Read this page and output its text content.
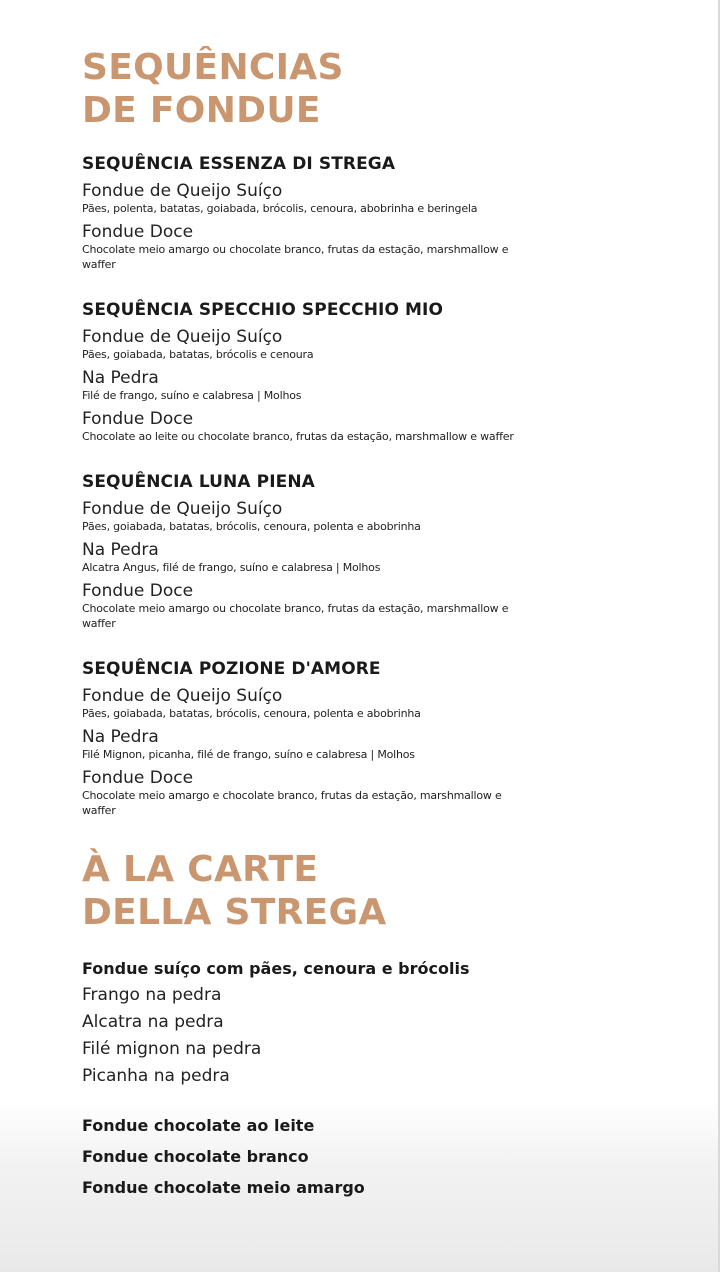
SEQUÊNCIAS
DE FONDUE
SEQUÊNCIA ESSENZA DI STREGA
Fondue de Queijo Suíço
Pães, polenta, batatas, goiabada, brócolis, cenoura, abobrinha e beringela
Fondue Doce
Chocolate meio amargo ou chocolate branco, frutas da estação, marshmallow e waffer
SEQUÊNCIA SPECCHIO SPECCHIO MIO
Fondue de Queijo Suíço
Pães, goiabada, batatas, brócolis e cenoura
Na Pedra
Filé de frango, suíno e calabresa | Molhos
Fondue Doce
Chocolate ao leite ou chocolate branco, frutas da estação, marshmallow e waffer
SEQUÊNCIA LUNA PIENA
Fondue de Queijo Suíço
Pães, goiabada, batatas, brócolis, cenoura, polenta e abobrinha
Na Pedra
Alcatra Angus, filé de frango, suíno e calabresa | Molhos
Fondue Doce
Chocolate meio amargo ou chocolate branco, frutas da estação, marshmallow e waffer
SEQUÊNCIA POZIONE D'AMORE
Fondue de Queijo Suíço
Pães, goiabada, batatas, brócolis, cenoura, polenta e abobrinha
Na Pedra
Filé Mignon, picanha, filé de frango, suíno e calabresa | Molhos
Fondue Doce
Chocolate meio amargo e chocolate branco, frutas da estação, marshmallow e waffer
À LA CARTE
DELLA STREGA
Fondue suíço com pães, cenoura e brócolis
Frango na pedra
Alcatra na pedra
Filé mignon na pedra
Picanha na pedra
Fondue chocolate ao leite
Fondue chocolate branco
Fondue chocolate meio amargo
